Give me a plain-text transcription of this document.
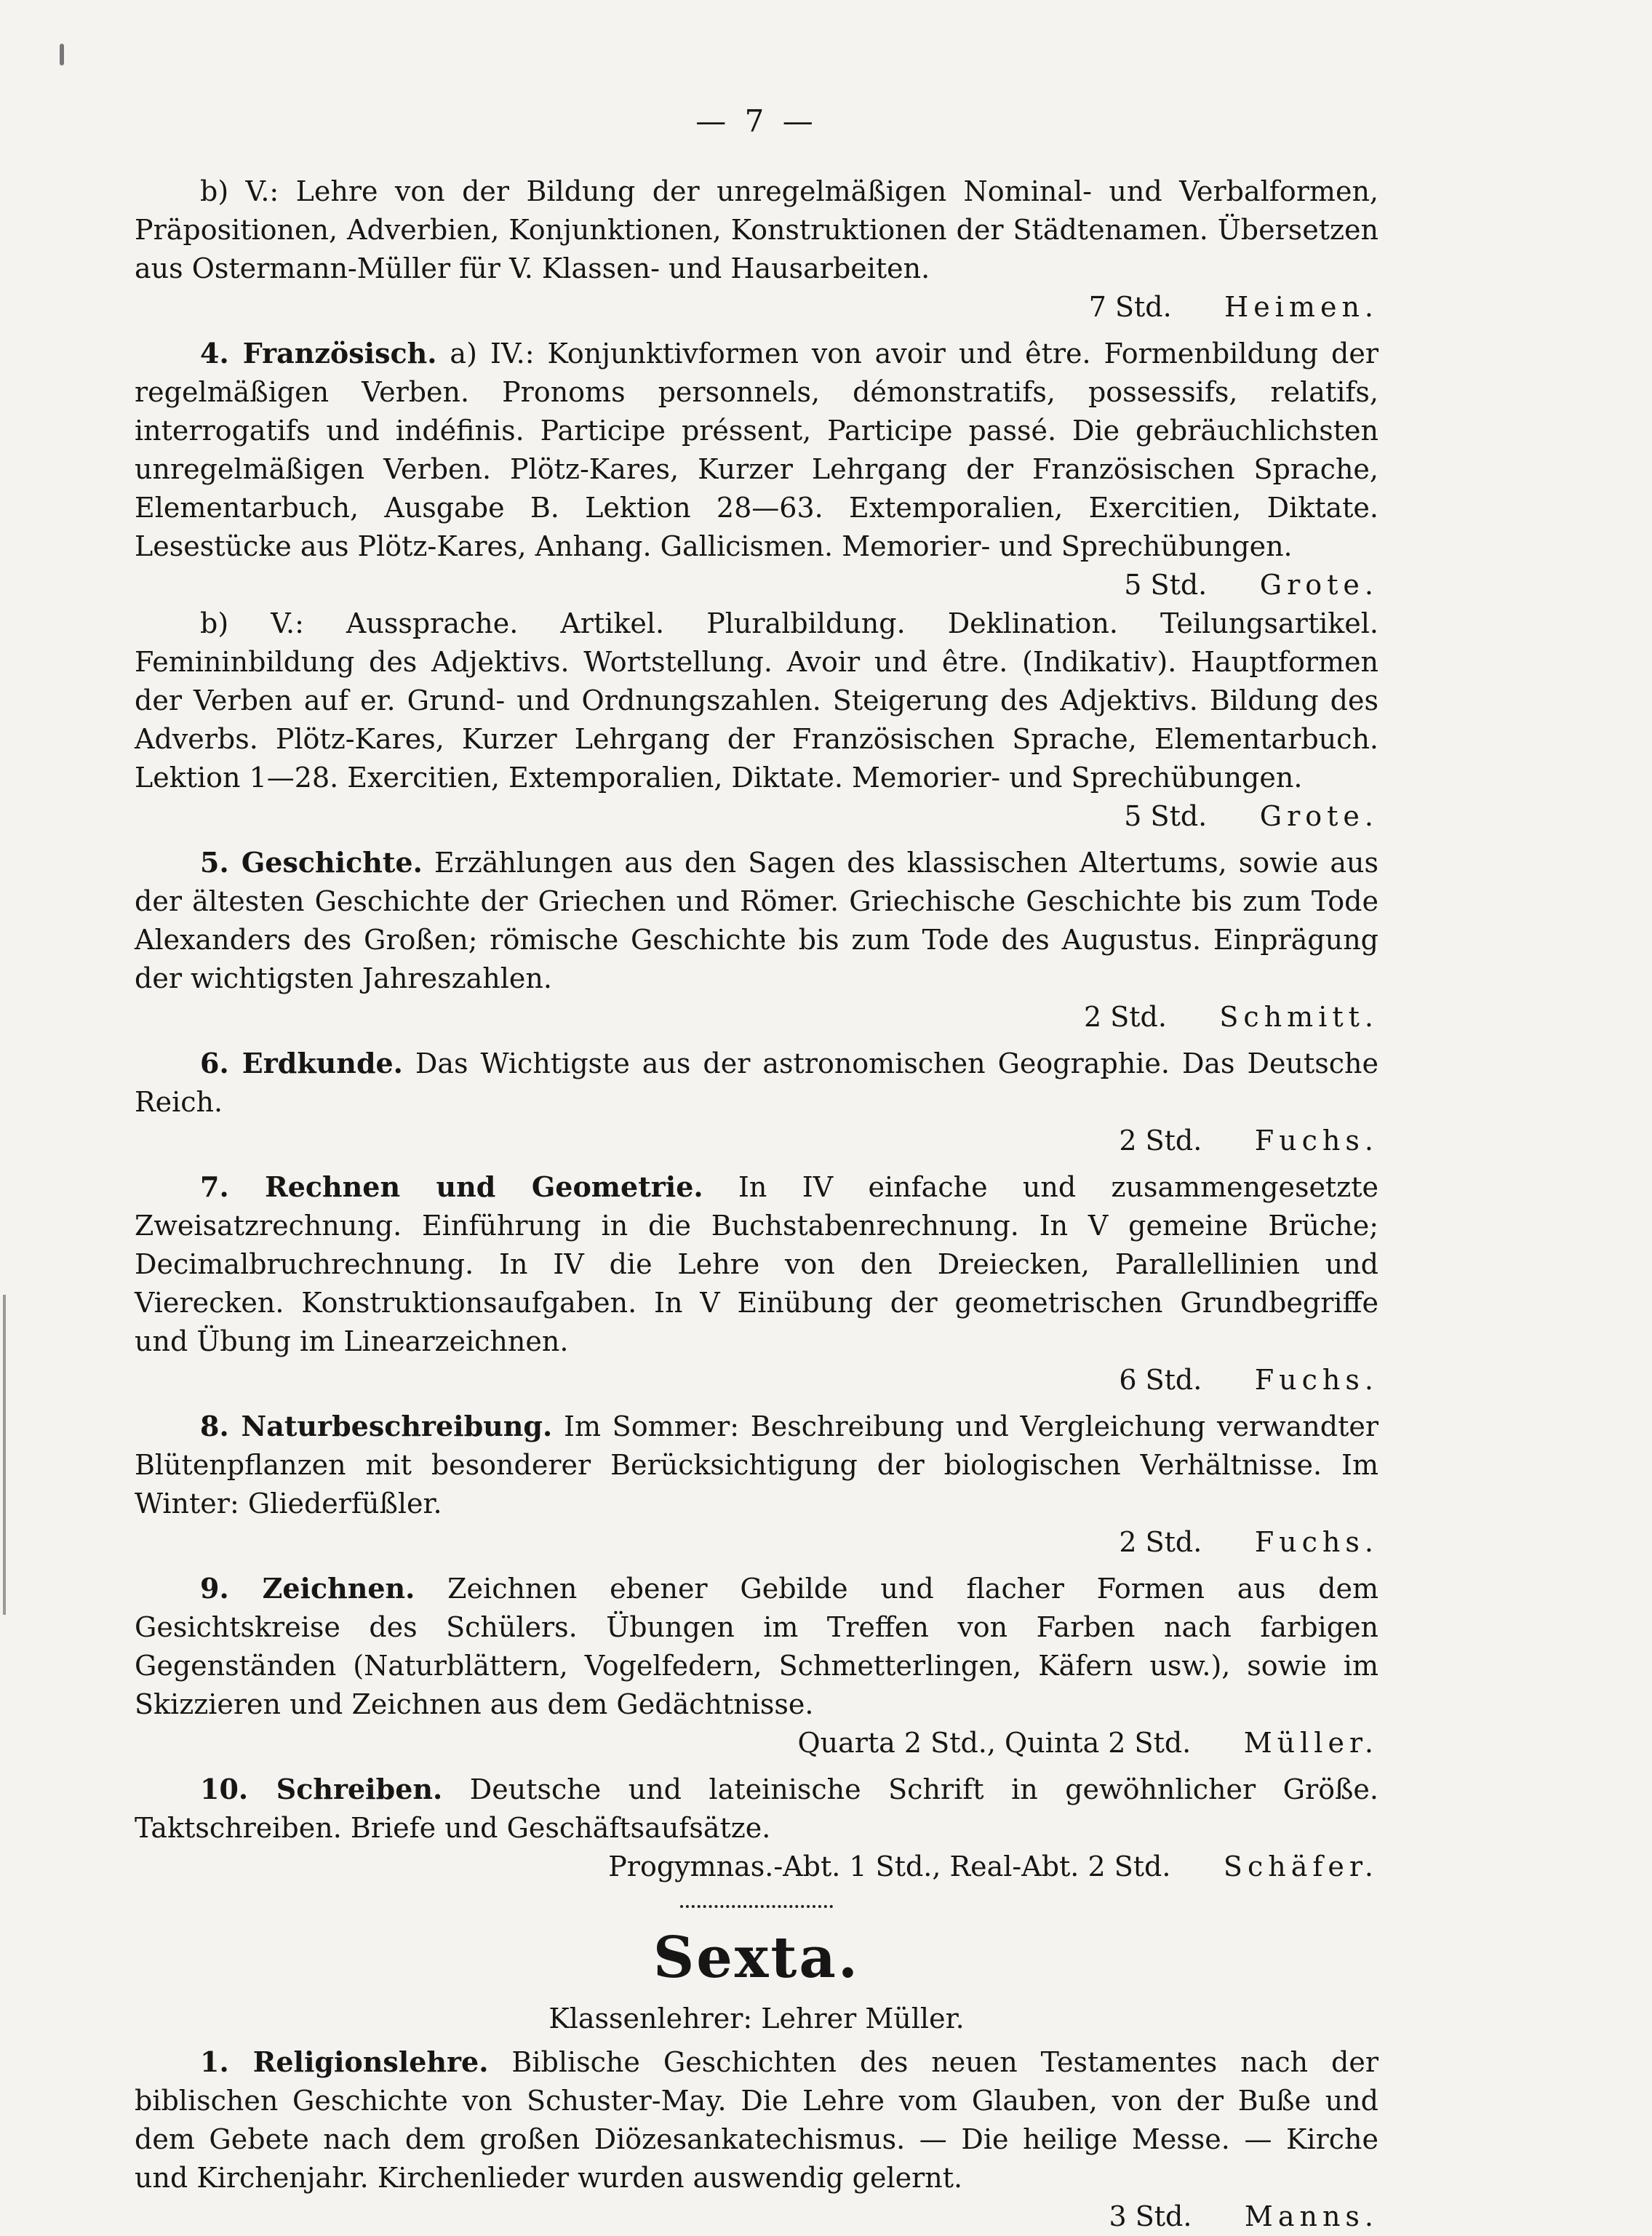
— 7 —

b) V.: Lehre von der Bildung der unregelmäßigen Nominal- und Verbalformen, Präpositionen, Adverbien, Konjunktionen, Konstruktionen der Städtenamen. Übersetzen aus Ostermann-Müller für V. Klassen- und Hausarbeiten.
7 Std. Heimen.

4. Französisch. a) IV.: Konjunktivformen von avoir und être. Formenbildung der regelmäßigen Verben. Pronoms personnels, démonstratifs, possessifs, relatifs, interrogatifs und indéfinis. Participe préssent, Participe passé. Die gebräuchlichsten unregelmäßigen Verben. Plötz-Kares, Kurzer Lehrgang der Französischen Sprache, Elementarbuch, Ausgabe B. Lektion 28—63. Extemporalien, Exercitien, Diktate. Lesestücke aus Plötz-Kares, Anhang. Gallicismen. Memorier- und Sprechübungen.
5 Std. Grote.

b) V.: Aussprache. Artikel. Pluralbildung. Deklination. Teilungsartikel. Femininbildung des Adjektivs. Wortstellung. Avoir und être. (Indikativ). Hauptformen der Verben auf er. Grund- und Ordnungszahlen. Steigerung des Adjektivs. Bildung des Adverbs. Plötz-Kares, Kurzer Lehrgang der Französischen Sprache, Elementarbuch. Lektion 1—28. Exercitien, Extemporalien, Diktate. Memorier- und Sprechübungen.
5 Std. Grote.

5. Geschichte. Erzählungen aus den Sagen des klassischen Altertums, sowie aus der ältesten Geschichte der Griechen und Römer. Griechische Geschichte bis zum Tode Alexanders des Großen; römische Geschichte bis zum Tode des Augustus. Einprägung der wichtigsten Jahreszahlen.
2 Std. Schmitt.

6. Erdkunde. Das Wichtigste aus der astronomischen Geographie. Das Deutsche Reich.
2 Std. Fuchs.

7. Rechnen und Geometrie. In IV einfache und zusammengesetzte Zweisatzrechnung. Einführung in die Buchstabenrechnung. In V gemeine Brüche; Decimalbruchrechnung. In IV die Lehre von den Dreiecken, Parallellinien und Vierecken. Konstruktionsaufgaben. In V Einübung der geometrischen Grundbegriffe und Übung im Linearzeichnen.
6 Std. Fuchs.

8. Naturbeschreibung. Im Sommer: Beschreibung und Vergleichung verwandter Blütenpflanzen mit besonderer Berücksichtigung der biologischen Verhältnisse. Im Winter: Gliederfüßler.
2 Std. Fuchs.

9. Zeichnen. Zeichnen ebener Gebilde und flacher Formen aus dem Gesichtskreise des Schülers. Übungen im Treffen von Farben nach farbigen Gegenständen (Naturblättern, Vogelfedern, Schmetterlingen, Käfern usw.), sowie im Skizzieren und Zeichnen aus dem Gedächtnisse.
Quarta 2 Std., Quinta 2 Std. Müller.

10. Schreiben. Deutsche und lateinische Schrift in gewöhnlicher Größe. Taktschreiben. Briefe und Geschäftsaufsätze.
Progymnas.-Abt. 1 Std., Real-Abt. 2 Std. Schäfer.

Sexta.
Klassenlehrer: Lehrer Müller.

1. Religionslehre. Biblische Geschichten des neuen Testamentes nach der biblischen Geschichte von Schuster-May. Die Lehre vom Glauben, von der Buße und dem Gebete nach dem großen Diözesankatechismus. — Die heilige Messe. — Kirche und Kirchenjahr. Kirchenlieder wurden auswendig gelernt.
3 Std. Manns.
